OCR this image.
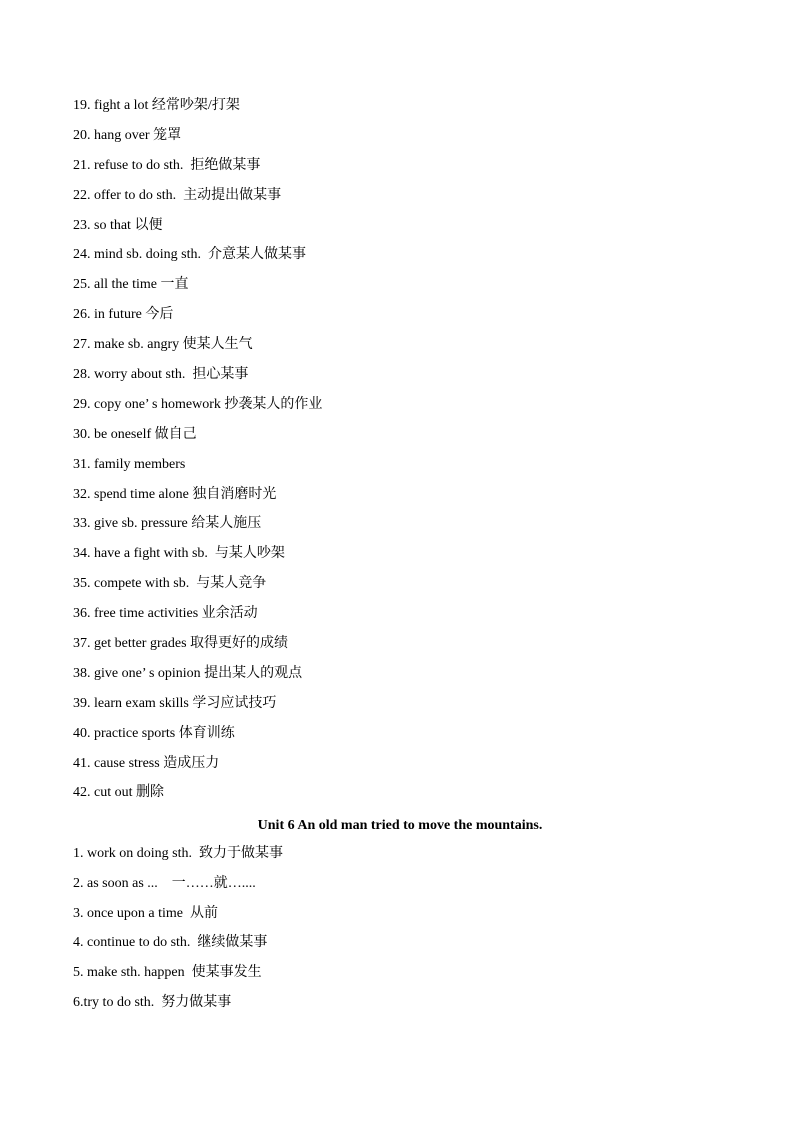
19. fight a lot 经常吵架/打架
20. hang over 笼罩
21. refuse to do sth.  拒绝做某事
22. offer to do sth.  主动提出做某事
23. so that 以便
24. mind sb. doing sth.  介意某人做某事
25. all the time 一直
26. in future 今后
27. make sb. angry 使某人生气
28. worry about sth.  担心某事
29. copy one’ s homework 抄袭某人的作业
30. be oneself 做自己
31. family members
32. spend time alone 独自消磨时光
33. give sb. pressure 给某人施压
34. have a fight with sb.  与某人吵架
35. compete with sb.  与某人竞争
36. free time activities 业余活动
37. get better grades 取得更好的成绩
38. give one’ s opinion 提出某人的观点
39. learn exam skills 学习应试技巧
40. practice sports 体育训练
41. cause stress 造成压力
42. cut out 删除
Unit 6 An old man tried to move the mountains.
1. work on doing sth.  致力于做某事
2. as soon as ...    一……就…....
3. once upon a time  从前
4. continue to do sth.  继续做某事
5. make sth. happen  使某事发生
6.try to do sth.  努力做某事
